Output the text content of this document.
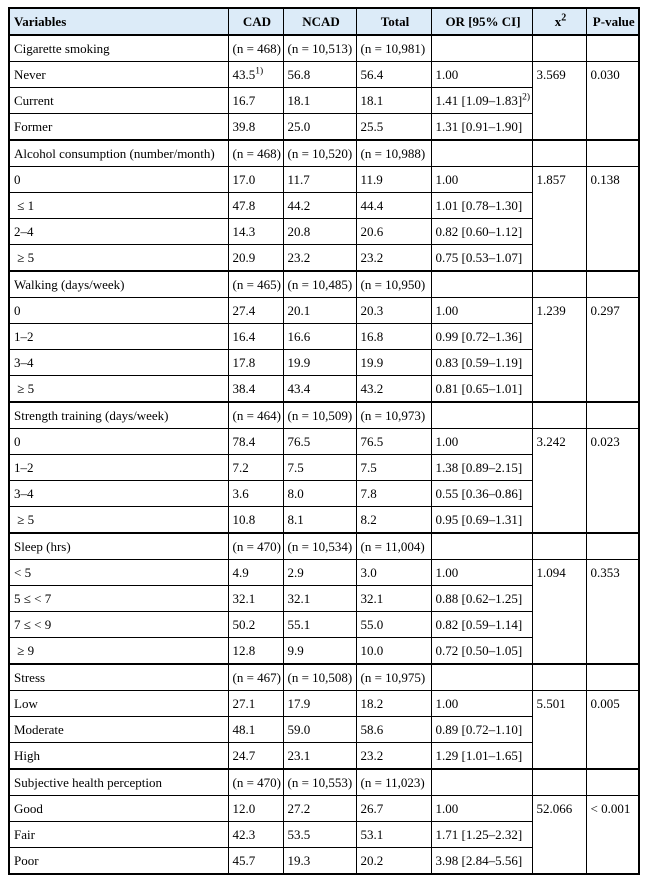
Variables	CAD	NCAD	Total	OR [95% CI]	$x^2$	P-value
Cigarette smoking	(n = 468)	(n = 10,513)	(n = 10,981)			
Never	43.5$^{1)}$	56.8	56.4	1.00	3.569	0.030
Current	16.7	18.1	18.1	1.41 $[1.09-1.83]^{2)}$
Former	39.8	25.0	25.5	1.31 [0.91–1.90]		
Alcohol consumption (number/month)	(n = 468)	(n = 10,520)	(n = 10,988)			
0	17.0	11.7	11.9	1.00	1.857	0.138
≤ 1	47.8	44.2	44.4	1.01 [0.78–1.30]		
2–4	14.3	20.8	20.6	0.82 [0.60–1.12]		
≥ 5	20.9	23.2	23.2	0.75 [0.53–1.07]		
Walking (days/week)	(n = 465)	(n = 10,485)	(n = 10,950)			
0	27.4	20.1	20.3	1.00	1.239	0.297
1–2	16.4	16.6	16.8	0.99 [0.72–1.36]		
3–4	17.8	19.9	19.9	0.83 [0.59–1.19]		
≥ 5	38.4	43.4	43.2	0.81 [0.65–1.01]		
Strength training (days/week)	(n = 464)	(n = 10,509)	(n = 10,973)			
0	78.4	76.5	76.5	1.00	3.242	0.023
1–2	7.2	7.5	7.5	1.38 [0.89–2.15]		
3–4	3.6	8.0	7.8	0.55 [0.36–0.86]		
≥ 5	10.8	8.1	8.2	0.95 [0.69–1.31]		
Sleep (hrs)	(n = 470)	(n = 10,534)	(n = 11,004)			
< 5	4.9	2.9	3.0	1.00	1.094	0.353
5 ≤ < 7	32.1	32.1	32.1	0.88 [0.62–1.25]		
7 ≤ < 9	50.2	55.1	55.0	0.82 [0.59–1.14]		
≥ 9	12.8	9.9	10.0	0.72 [0.50–1.05]		
Stress	(n = 467)	(n = 10,508)	(n = 10,975)			
Low	27.1	17.9	18.2	1.00	5.501	0.005
Moderate	48.1	59.0	58.6	0.89 [0.72–1.10]		
High	24.7	23.1	23.2	1.29 [1.01–1.65]		
Subjective health perception	(n = 470)	(n = 10,553)	(n = 11,023)			
Good	12.0	27.2	26.7	1.00	52.066	< 0.001
Fair	42.3	53.5	53.1	1.71 [1.25–2.32]		
Poor	45.7	19.3	20.2	3.98 [2.84–5.56]		
